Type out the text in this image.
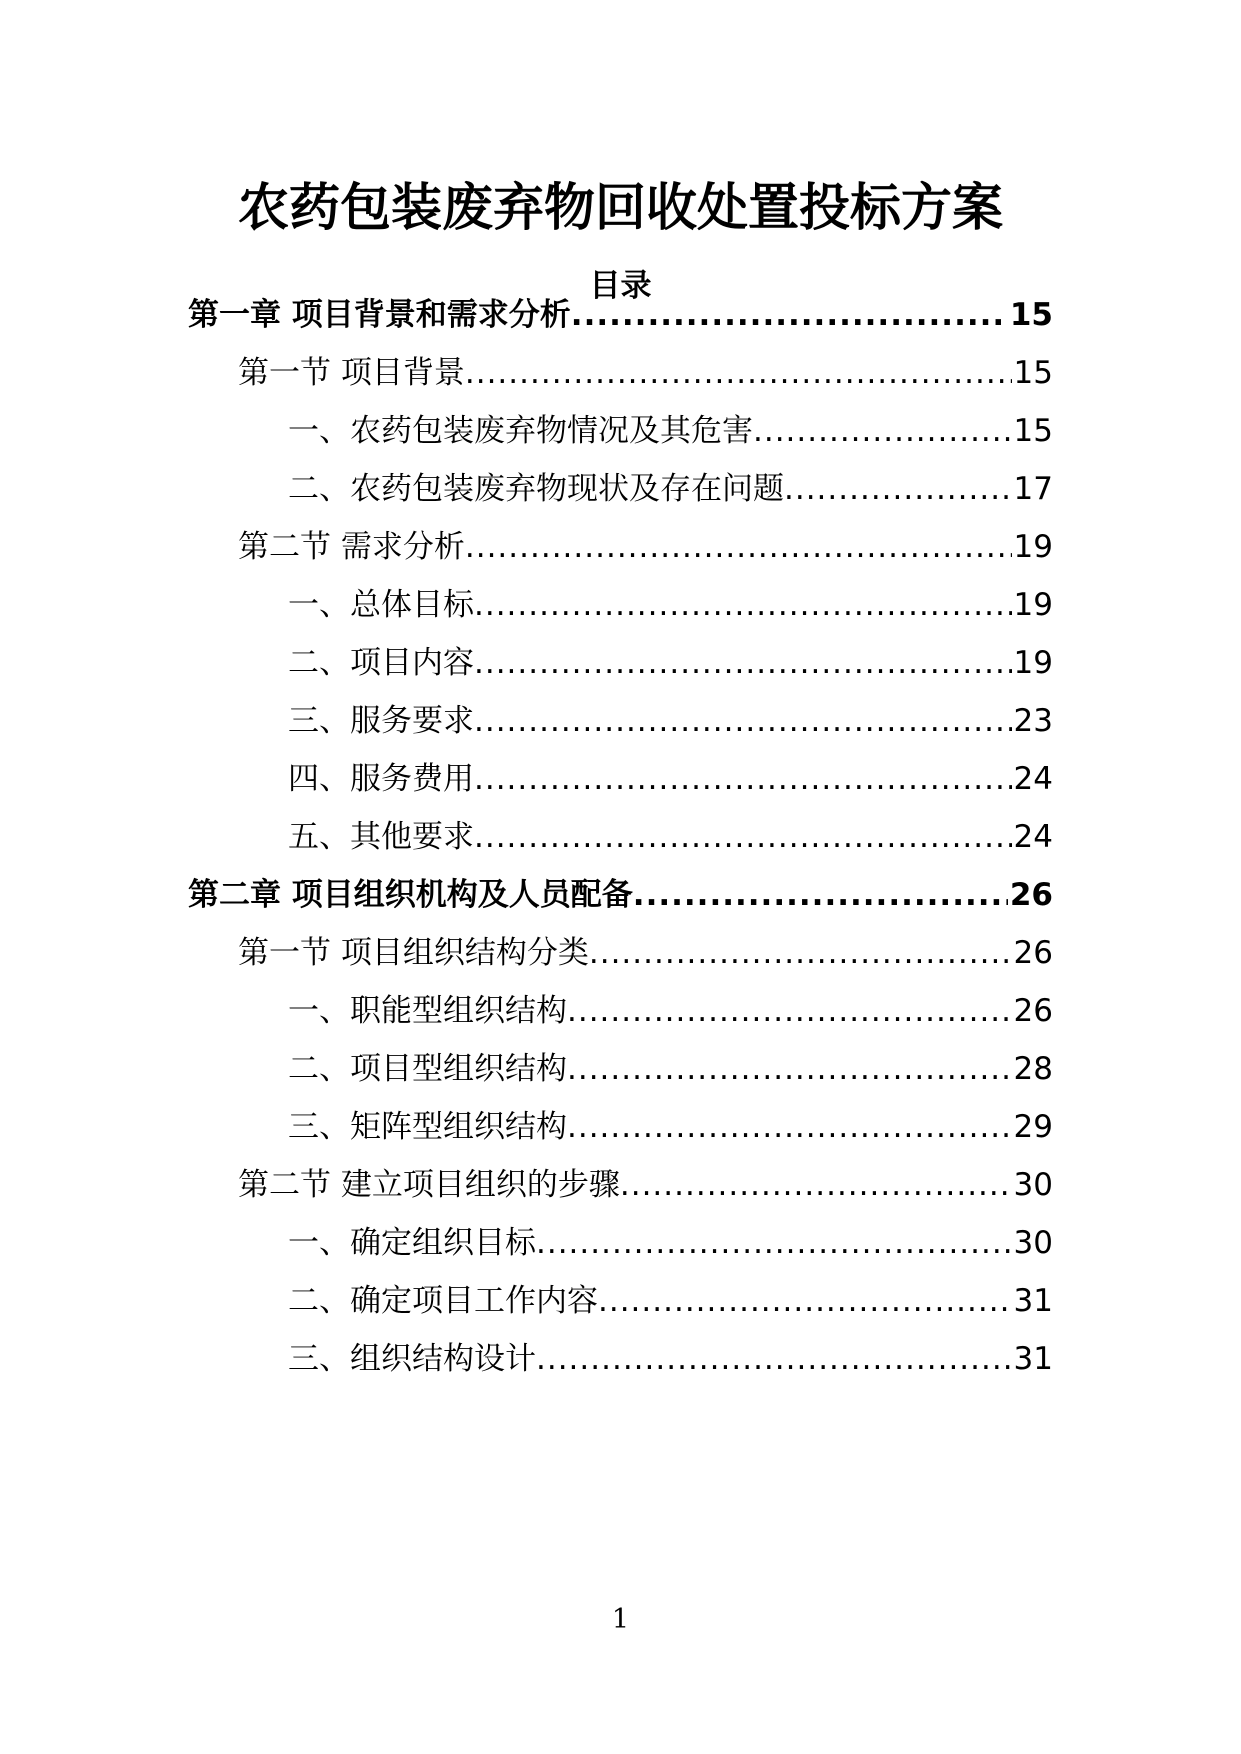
农药包装废弃物回收处置投标方案
目录
第一章 项目背景和需求分析 .....	15
第一节 项目背景 .....	15
一、农药包装废弃物情况及其危害 .....	15
二、农药包装废弃物现状及存在问题 .....	17
第二节 需求分析 .....	19
一、总体目标 .....	19
二、项目内容 .....	19
三、服务要求 .....	23
四、服务费用 .....	24
五、其他要求 .....	24
第二章 项目组织机构及人员配备 .....	26
第一节 项目组织结构分类 .....	26
一、职能型组织结构 .....	26
二、项目型组织结构 .....	28
三、矩阵型组织结构 .....	29
第二节 建立项目组织的步骤 .....	30
一、确定组织目标 .....	30
二、确定项目工作内容 .....	31
三、组织结构设计 .....	31
1
